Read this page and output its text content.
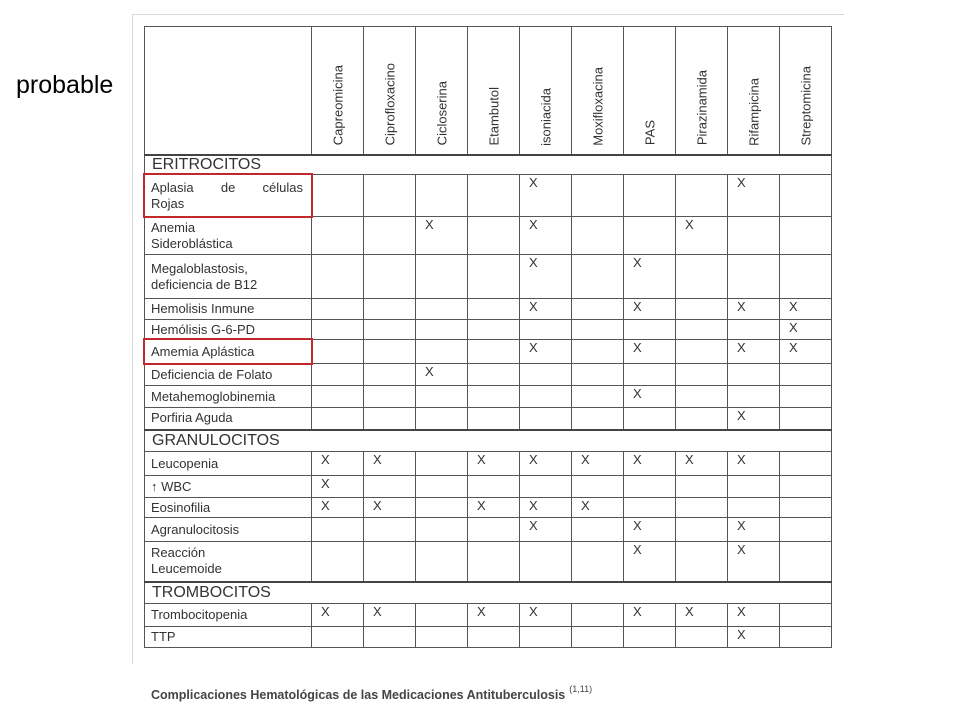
probable

	Capreomicina	Ciprofloxacino	Cicloserina	Etambutol	isoniacida	Moxifloxacina	PAS	Pirazinamida	Rifampicina	Streptomicina

ERITROCITOS										

Aplasia de células
Rojas					X				X	

Anemia
Sideroblástica			X		X			X		

Megaloblastosis,
deficiencia de B12					X		X			

Hemolisis Inmune					X		X		X	X

Hemólisis G-6-PD										X

Amemia Aplástica					X		X		X	X

Deficiencia de Folato			X							

Metahemoglobinemia							X			

Porfiria Aguda									X	
GRANULOCITOS										

Leucopenia	X	X		X	X	X	X	X	X	

↑ WBC	X									

Eosinofilia	X	X		X	X	X				

Agranulocitosis					X		X		X	

Reacción
Leucemoide							X		X	
TROMBOCITOS										

Trombocitopenia	X	X		X	X		X	X	X	

TTP									X	
Complicaciones Hematológicas de las Medicaciones Antituberculosis $^{(1,11)}$
